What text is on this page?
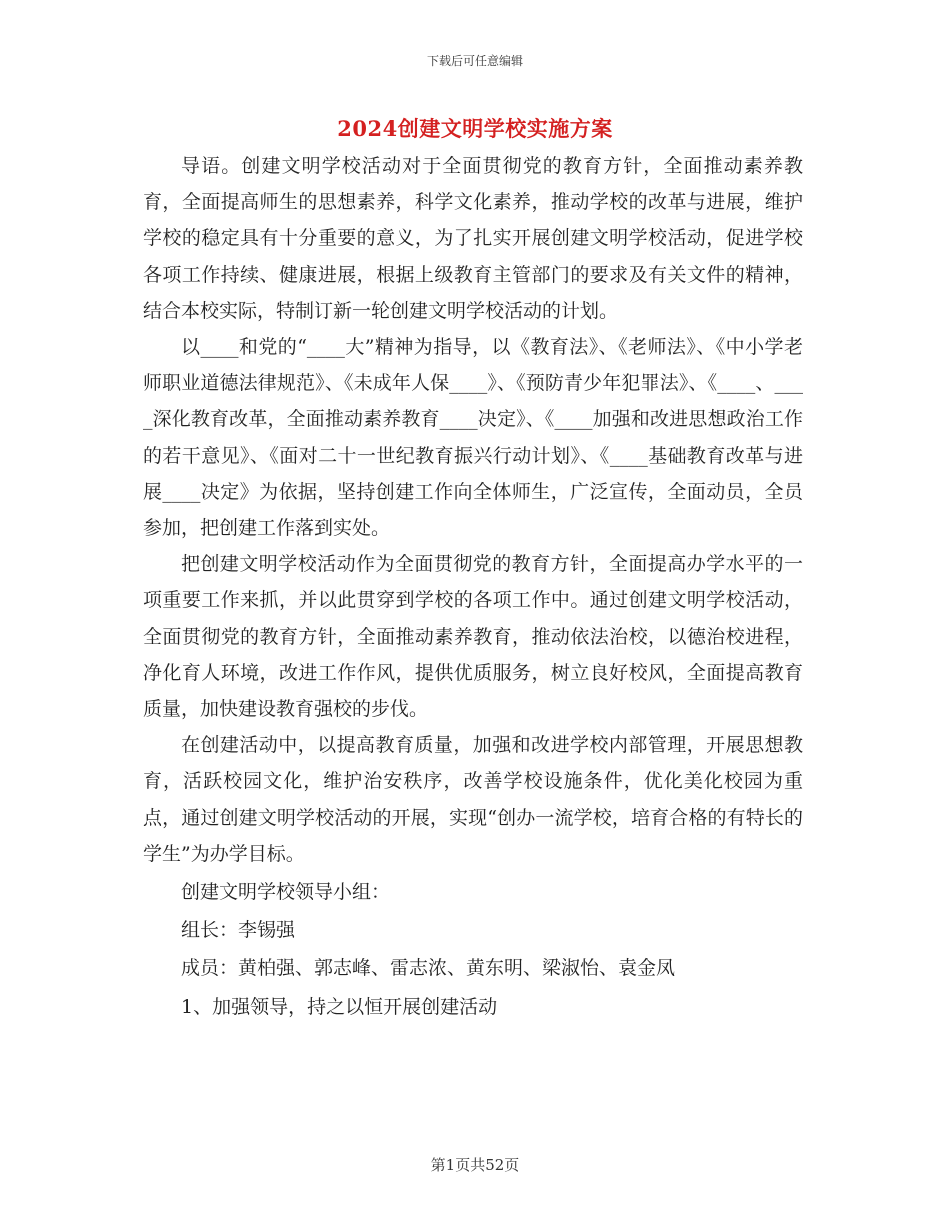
下载后可任意编辑
2024创建文明学校实施方案

导语。创建文明学校活动对于全面贯彻党的教育方针，全面推动素养教育，全面提高师生的思想素养，科学文化素养，推动学校的改革与进展，维护学校的稳定具有十分重要的意义，为了扎实开展创建文明学校活动，促进学校各项工作持续、健康进展，根据上级教育主管部门的要求及有关文件的精神，结合本校实际，特制订新一轮创建文明学校活动的计划。

以____和党的“____大”精神为指导，以《教育法》、《老师法》、《中小学老师职业道德法律规范》、《未成年人保____》、《预防青少年犯罪法》、《____、____深化教育改革，全面推动素养教育____决定》、《____加强和改进思想政治工作的若干意见》、《面对二十一世纪教育振兴行动计划》、《____基础教育改革与进展____决定》为依据，坚持创建工作向全体师生，广泛宣传，全面动员，全员参加，把创建工作落到实处。

把创建文明学校活动作为全面贯彻党的教育方针，全面提高办学水平的一项重要工作来抓，并以此贯穿到学校的各项工作中。通过创建文明学校活动，全面贯彻党的教育方针，全面推动素养教育，推动依法治校，以德治校进程，净化育人环境，改进工作作风，提供优质服务，树立良好校风，全面提高教育质量，加快建设教育强校的步伐。

在创建活动中，以提高教育质量，加强和改进学校内部管理，开展思想教育，活跃校园文化，维护治安秩序，改善学校设施条件，优化美化校园为重点，通过创建文明学校活动的开展，实现“创办一流学校，培育合格的有特长的学生”为办学目标。

创建文明学校领导小组：

组长：李锡强

成员：黄柏强、郭志峰、雷志浓、黄东明、梁淑怡、袁金凤

1、加强领导，持之以恒开展创建活动

第1页共52页
